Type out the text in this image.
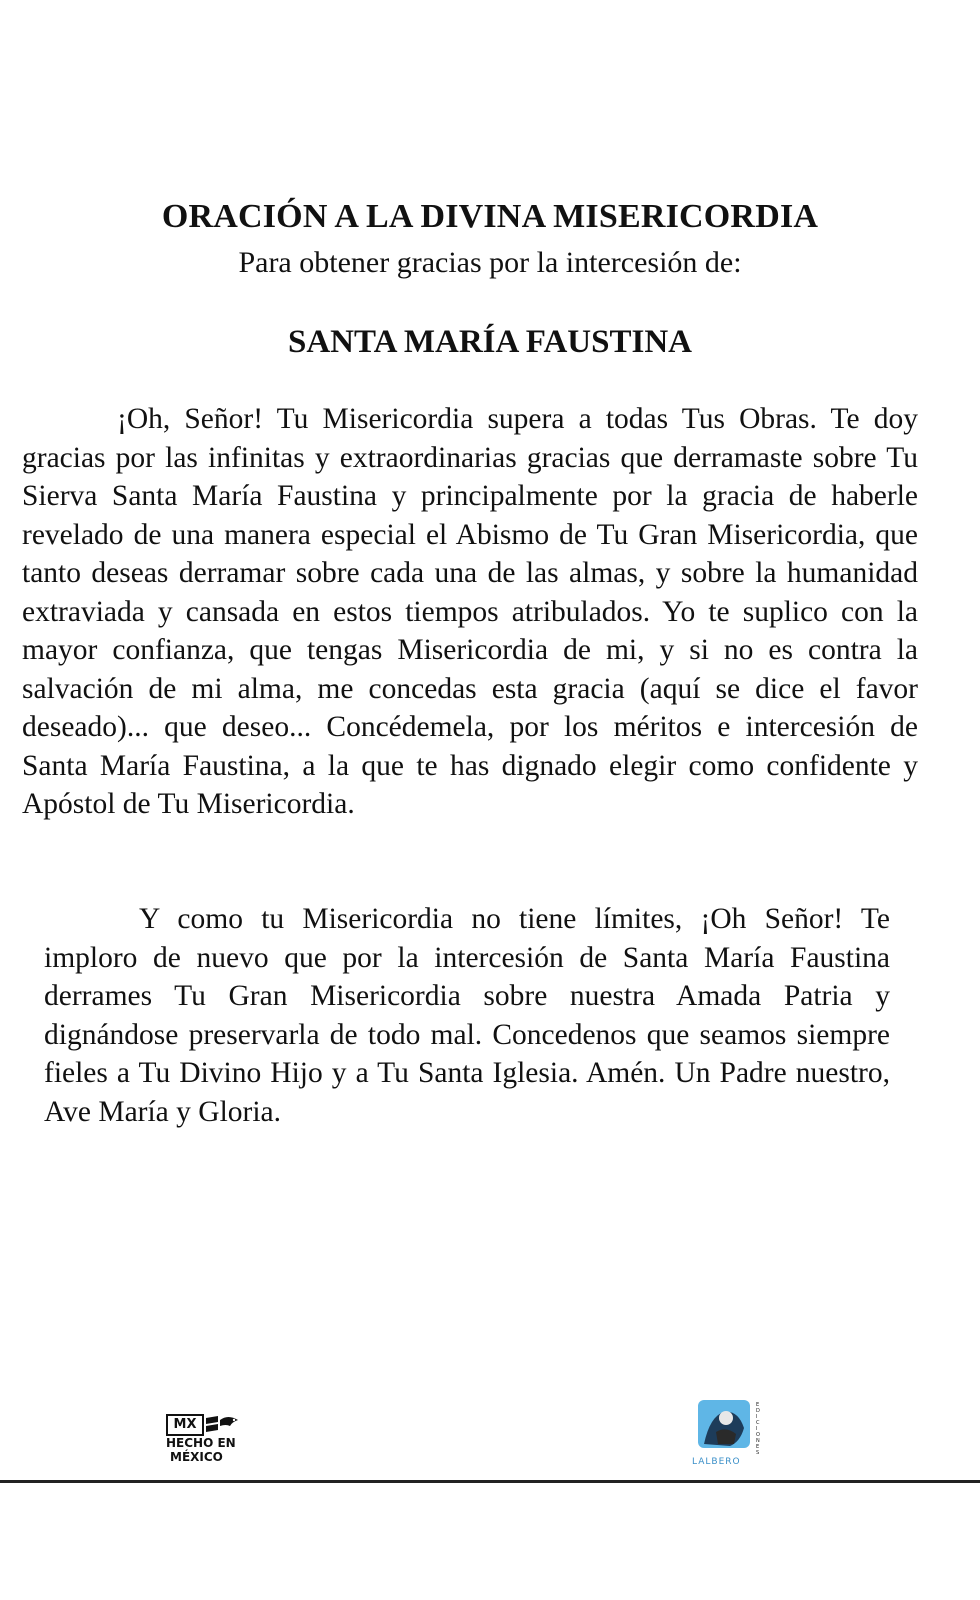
ORACIÓN A LA DIVINA MISERICORDIA

Para obtener gracias por la intercesión de:

SANTA MARÍA FAUSTINA

¡Oh, Señor! Tu Misericordia supera a todas Tus Obras. Te doy gracias por las infinitas y extraordinarias gracias que derramaste sobre Tu Sierva Santa María Faustina y principalmente por la gracia de haberle revelado de una manera especial el Abismo de Tu Gran Misericordia, que tanto deseas derramar sobre cada una de las almas, y sobre la humanidad extraviada y cansada en estos tiempos atribulados. Yo te suplico con la mayor confianza, que tengas Misericordia de mi, y si no es contra la salvación de mi alma, me concedas esta gracia (aquí se dice el favor deseado)... que deseo... Concédemela, por los méritos e intercesión de Santa María Faustina, a la que te has dignado elegir como confidente y Apóstol de Tu Misericordia.

Y como tu Misericordia no tiene límites, ¡Oh Señor! Te imploro de nuevo que por la intercesión de Santa María Faustina derrames Tu Gran Misericordia sobre nuestra Amada Patria y dignándose preservarla de todo mal. Concedenos que seamos siempre fieles a Tu Divino Hijo y a Tu Santa Iglesia. Amén. Un Padre nuestro, Ave María y Gloria.

MX
HECHO EN
MÉXICO
E
D
I
C
I
O
N
E
S
LALBERO
